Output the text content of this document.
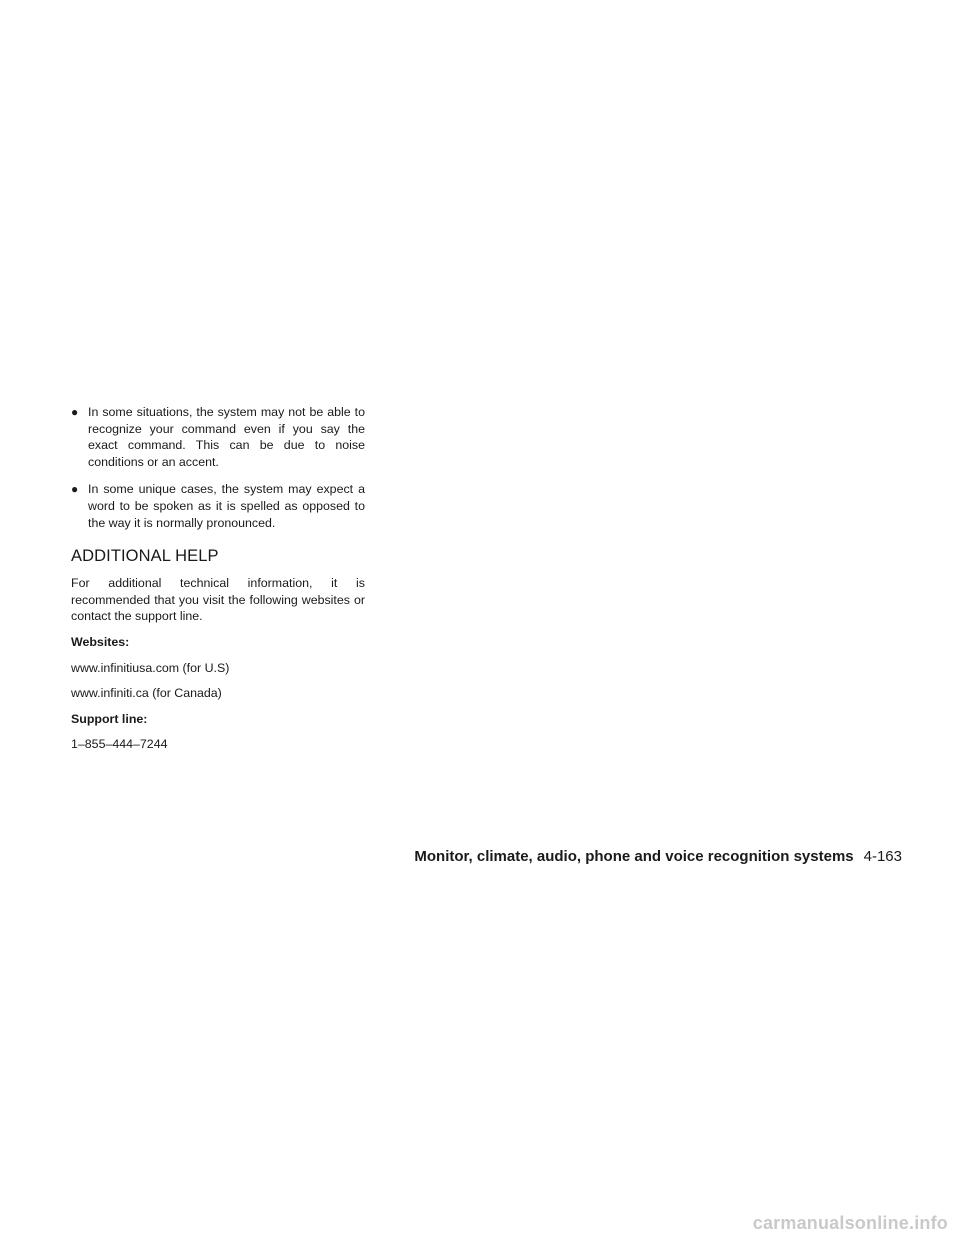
● In some situations, the system may not be able to recognize your command even if you say the exact command. This can be due to noise conditions or an accent.
● In some unique cases, the system may expect a word to be spoken as it is spelled as opposed to the way it is normally pronounced.
ADDITIONAL HELP

For additional technical information, it is recommended that you visit the following websites or contact the support line.

Websites:

www.infinitiusa.com (for U.S)

www.infiniti.ca (for Canada)

Support line:

1–855–444–7244

Monitor, climate, audio, phone and voice recognition systems 4-163
carmanualsonline.info
